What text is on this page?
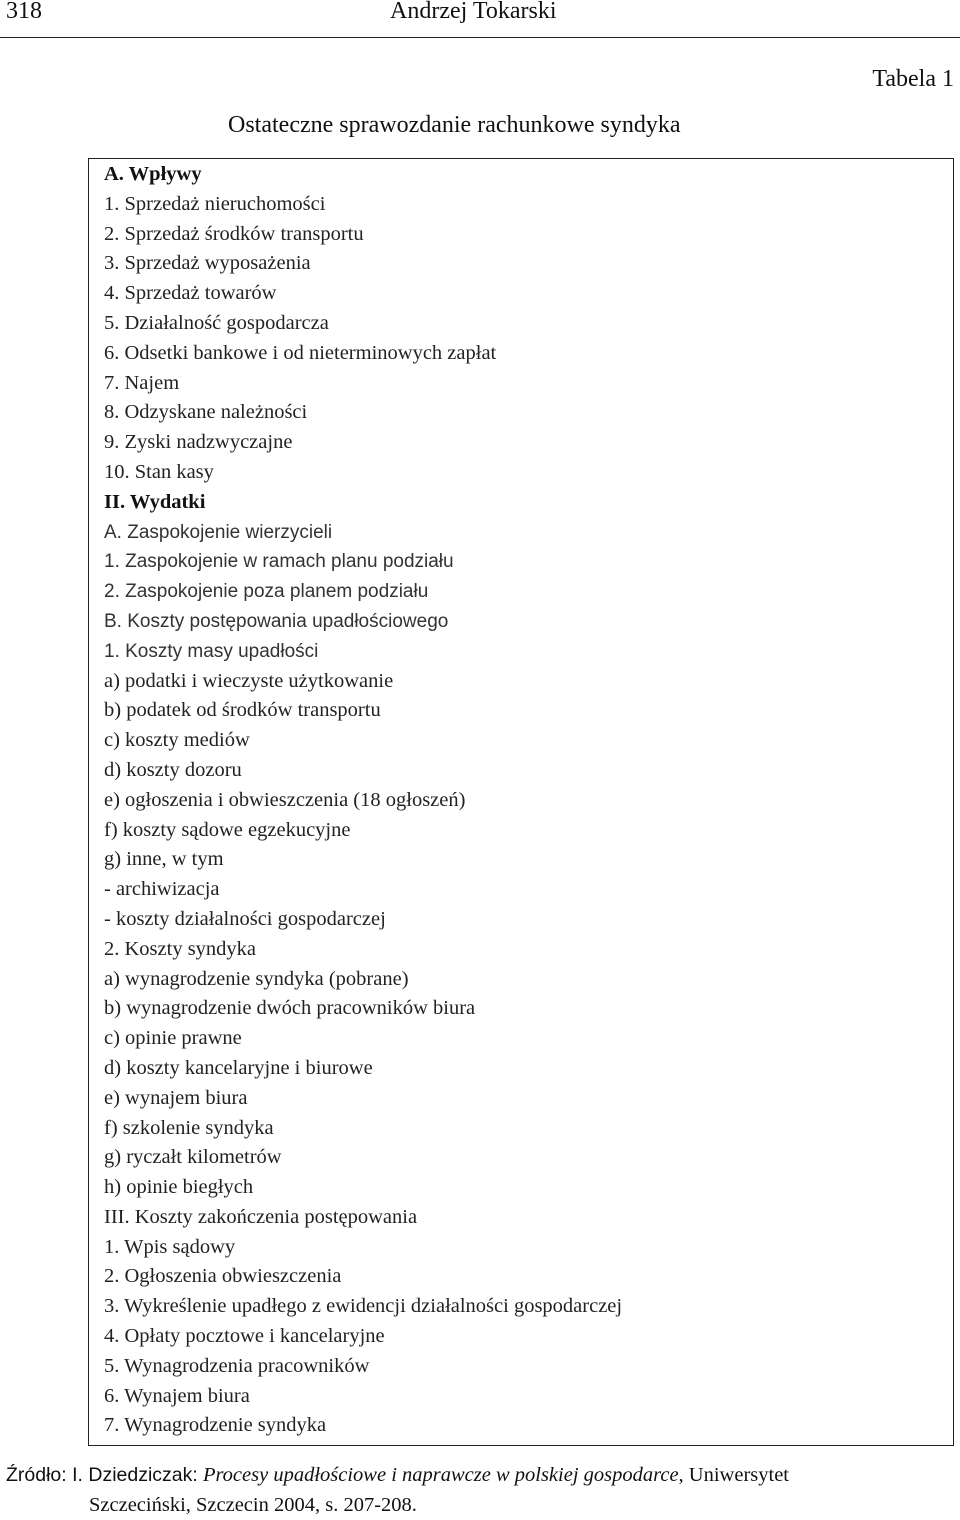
318	Andrzej Tokarski
Tabela 1
Ostateczne sprawozdanie rachunkowe syndyka
A. Wpływy
1. Sprzedaż nieruchomości
2. Sprzedaż środków transportu
3. Sprzedaż wyposażenia
4. Sprzedaż towarów
5. Działalność gospodarcza
6. Odsetki bankowe i od nieterminowych zapłat
7. Najem
8. Odzyskane należności
9. Zyski nadzwyczajne
10. Stan kasy
II. Wydatki
A. Zaspokojenie wierzycieli
1. Zaspokojenie w ramach planu podziału
2. Zaspokojenie poza planem podziału
B. Koszty postępowania upadłościowego
1. Koszty masy upadłości
a) podatki i wieczyste użytkowanie
b) podatek od środków transportu
c) koszty mediów
d) koszty dozoru
e) ogłoszenia i obwieszczenia (18 ogłoszeń)
f) koszty sądowe egzekucyjne
g) inne, w tym
- archiwizacja
- koszty działalności gospodarczej
2. Koszty syndyka
a) wynagrodzenie syndyka (pobrane)
b) wynagrodzenie dwóch pracowników biura
c) opinie prawne
d) koszty kancelaryjne i biurowe
e) wynajem biura
f) szkolenie syndyka
g) ryczałt kilometrów
h) opinie biegłych
III. Koszty zakończenia postępowania
1. Wpis sądowy
2. Ogłoszenia obwieszczenia
3. Wykreślenie upadłego z ewidencji działalności gospodarczej
4. Opłaty pocztowe i kancelaryjne
5. Wynagrodzenia pracowników
6. Wynajem biura
7. Wynagrodzenie syndyka
Źródło: I. Dziedziczak: Procesy upadłościowe i naprawcze w polskiej gospodarce, Uniwersytet
Szczeciński, Szczecin 2004, s. 207-208.
